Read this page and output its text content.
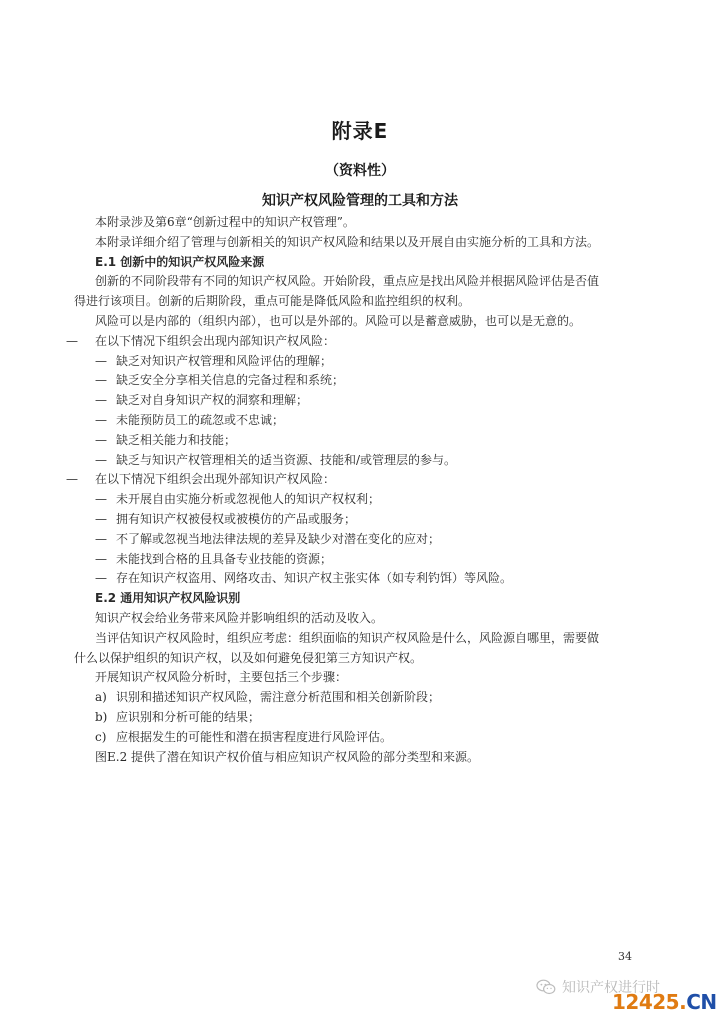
附录E
（资料性）
知识产权风险管理的工具和方法

本附录涉及第6章“创新过程中的知识产权管理”。

本附录详细介绍了管理与创新相关的知识产权风险和结果以及开展自由实施分析的工具和方法。

E.1 创新中的知识产权风险来源

创新的不同阶段带有不同的知识产权风险。开始阶段，重点应是找出风险并根据风险评估是否值

得进行该项目。创新的后期阶段，重点可能是降低风险和监控组织的权利。

风险可以是内部的（组织内部），也可以是外部的。风险可以是蓄意威胁，也可以是无意的。

— 在以下情况下组织会出现内部知识产权风险：

— 缺乏对知识产权管理和风险评估的理解；

— 缺乏安全分享相关信息的完备过程和系统；

— 缺乏对自身知识产权的洞察和理解；

— 未能预防员工的疏忽或不忠诚；

— 缺乏相关能力和技能；

— 缺乏与知识产权管理相关的适当资源、技能和/或管理层的参与。

— 在以下情况下组织会出现外部知识产权风险：

— 未开展自由实施分析或忽视他人的知识产权权利；

— 拥有知识产权被侵权或被模仿的产品或服务；

— 不了解或忽视当地法律法规的差异及缺少对潜在变化的应对；

— 未能找到合格的且具备专业技能的资源；

— 存在知识产权盗用、网络攻击、知识产权主张实体（如专利钓饵）等风险。

E.2 通用知识产权风险识别

知识产权会给业务带来风险并影响组织的活动及收入。

当评估知识产权风险时，组织应考虑：组织面临的知识产权风险是什么，风险源自哪里，需要做

什么以保护组织的知识产权，以及如何避免侵犯第三方知识产权。

开展知识产权风险分析时，主要包括三个步骤：

a) 识别和描述知识产权风险，需注意分析范围和相关创新阶段；

b) 应识别和分析可能的结果；

c) 应根据发生的可能性和潜在损害程度进行风险评估。

图E.2 提供了潜在知识产权价值与相应知识产权风险的部分类型和来源。

34
知识产权进行时
12425.CN
